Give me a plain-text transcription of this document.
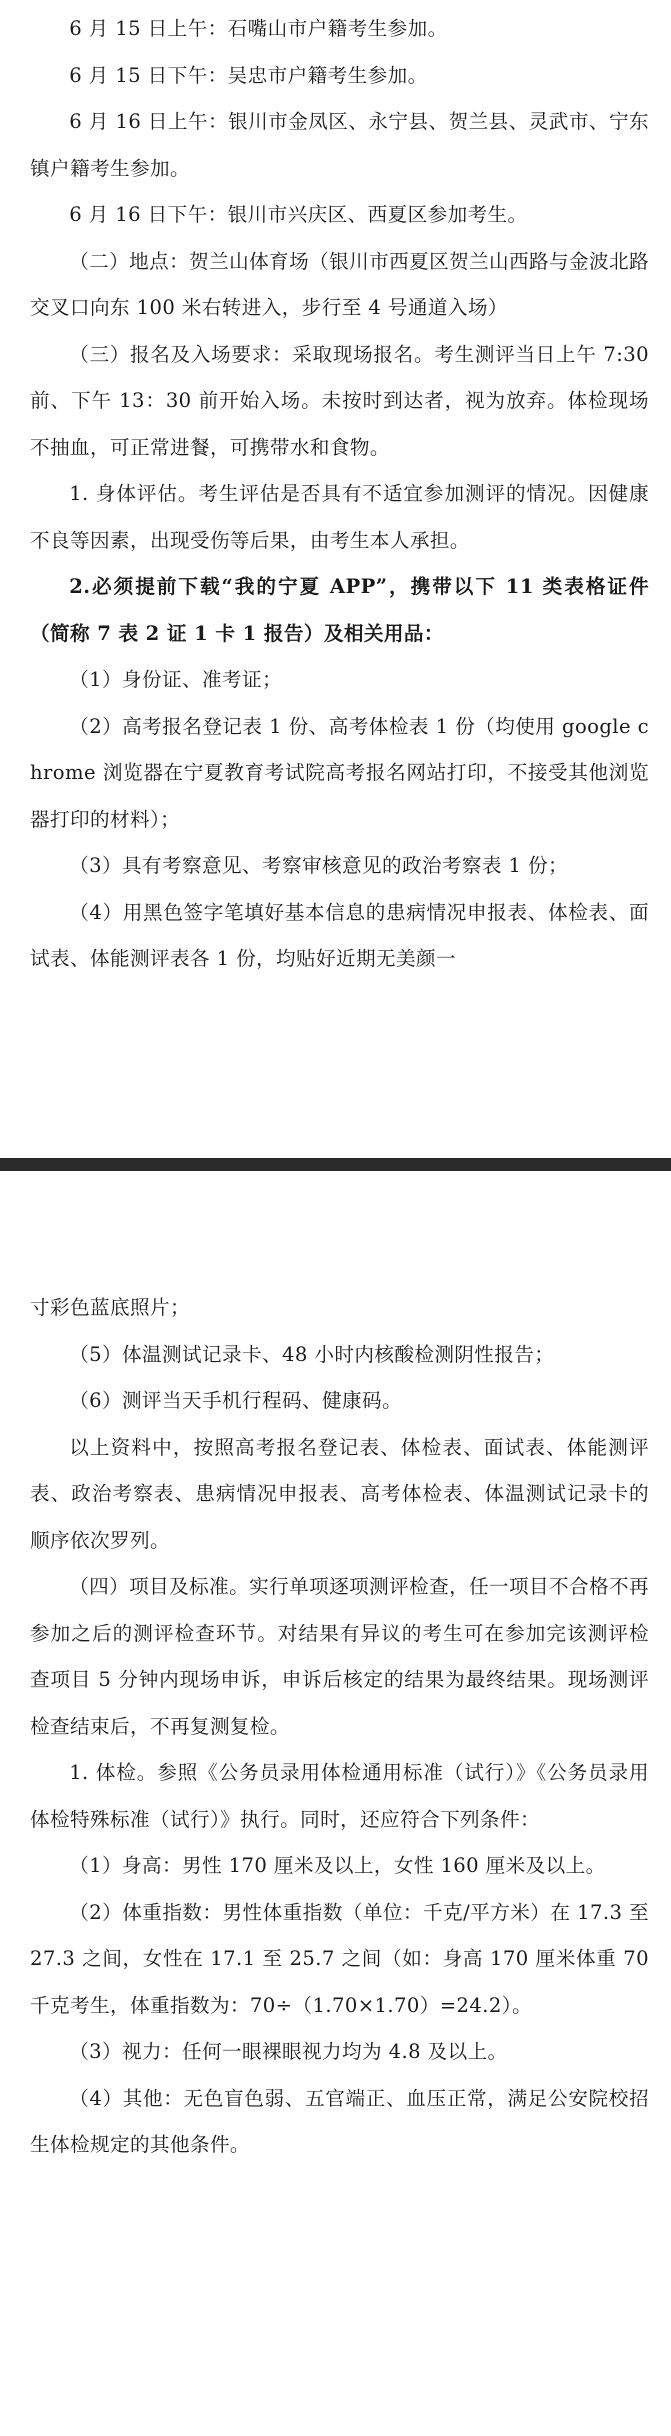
6 月 15 日上午：石嘴山市户籍考生参加。

6 月 15 日下午：吴忠市户籍考生参加。

6 月 16 日上午：银川市金凤区、永宁县、贺兰县、灵武市、宁东镇户籍考生参加。

6 月 16 日下午：银川市兴庆区、西夏区参加考生。

（二）地点：贺兰山体育场（银川市西夏区贺兰山西路与金波北路交叉口向东 100 米右转进入，步行至 4 号通道入场）

（三）报名及入场要求：采取现场报名。考生测评当日上午 7:30 前、下午 13：30 前开始入场。未按时到达者，视为放弃。体检现场不抽血，可正常进餐，可携带水和食物。

1. 身体评估。考生评估是否具有不适宜参加测评的情况。因健康不良等因素，出现受伤等后果，由考生本人承担。

2.必须提前下载“我的宁夏 APP”，携带以下 11 类表格证件（简称 7 表 2 证 1 卡 1 报告）及相关用品：

（1）身份证、准考证；

（2）高考报名登记表 1 份、高考体检表 1 份（均使用 google chrome 浏览器在宁夏教育考试院高考报名网站打印，不接受其他浏览器打印的材料）；

（3）具有考察意见、考察审核意见的政治考察表 1 份；

（4）用黑色签字笔填好基本信息的患病情况申报表、体检表、面试表、体能测评表各 1 份，均贴好近期无美颜一

寸彩色蓝底照片；

（5）体温测试记录卡、48 小时内核酸检测阴性报告；

（6）测评当天手机行程码、健康码。

以上资料中，按照高考报名登记表、体检表、面试表、体能测评表、政治考察表、患病情况申报表、高考体检表、体温测试记录卡的顺序依次罗列。

（四）项目及标准。实行单项逐项测评检查，任一项目不合格不再参加之后的测评检查环节。对结果有异议的考生可在参加完该测评检查项目 5 分钟内现场申诉，申诉后核定的结果为最终结果。现场测评检查结束后，不再复测复检。

1. 体检。参照《公务员录用体检通用标准（试行）》《公务员录用体检特殊标准（试行）》执行。同时，还应符合下列条件：

（1）身高：男性 170 厘米及以上，女性 160 厘米及以上。

（2）体重指数：男性体重指数（单位：千克/平方米）在 17.3 至 27.3 之间，女性在 17.1 至 25.7 之间（如：身高 170 厘米体重 70 千克考生，体重指数为：70÷（1.70×1.70）=24.2）。

（3）视力：任何一眼裸眼视力均为 4.8 及以上。

（4）其他：无色盲色弱、五官端正、血压正常，满足公安院校招生体检规定的其他条件。
